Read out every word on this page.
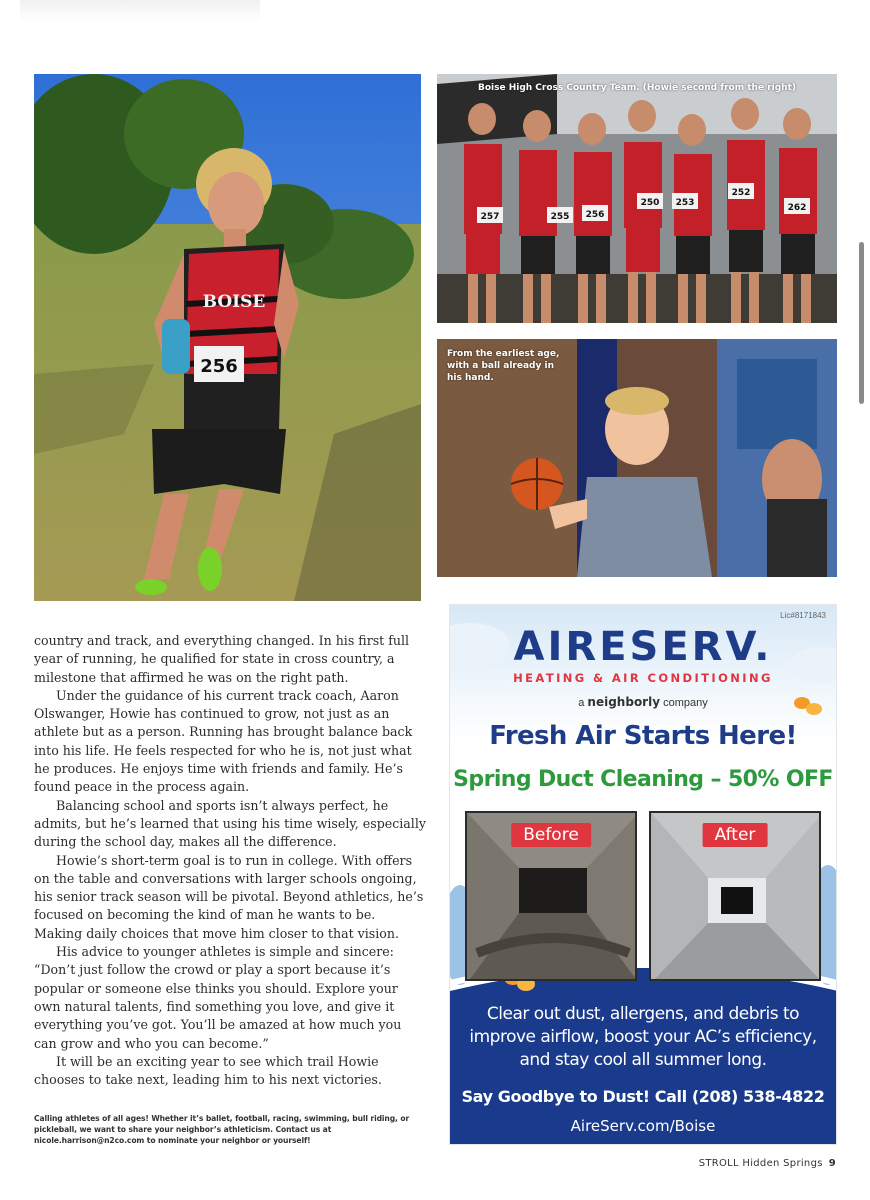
256
BOISE
257	255 256
250 253
252
262
Boise High Cross Country Team. (Howie second from the right)
From the earliest age, with a ball already in his hand.

country and track, and everything changed. In his first full year of running, he qualified for state in cross country, a milestone that affirmed he was on the right path.

Under the guidance of his current track coach, Aaron Olswanger, Howie has continued to grow, not just as an athlete but as a person. Running has brought balance back into his life. He feels respected for who he is, not just what he produces. He enjoys time with friends and family. He’s found peace in the process again.

Balancing school and sports isn’t always perfect, he admits, but he’s learned that using his time wisely, especially during the school day, makes all the difference.

Howie’s short-term goal is to run in college. With offers on the table and conversations with larger schools ongoing, his senior track season will be pivotal. Beyond athletics, he’s focused on becoming the kind of man he wants to be. Making daily choices that move him closer to that vision.

His advice to younger athletes is simple and sincere: “Don’t just follow the crowd or play a sport because it’s popular or someone else thinks you should. Explore your own natural talents, find something you love, and give it everything you’ve got. You’ll be amazed at how much you can grow and who you can become.”

It will be an exciting year to see which trail Howie chooses to take next, leading him to his next victories.

Calling athletes of all ages! Whether it’s ballet, football, racing, swimming, bull riding, or pickleball, we want to share your neighbor’s athleticism. Contact us at nicole.harrison@n2co.com to nominate your neighbor or yourself!
Lic#8171843
AIRESERV.
HEATING & AIR CONDITIONING
a neighborly company
Fresh Air Starts Here!
Spring Duct Cleaning – 50% OFF
Before	After
Clear out dust, allergens, and debris to improve airflow, boost your AC’s efficiency, and stay cool all summer long.
Say Goodbye to Dust! Call (208) 538-4822
AireServ.com/Boise
STROLL Hidden Springs 9
